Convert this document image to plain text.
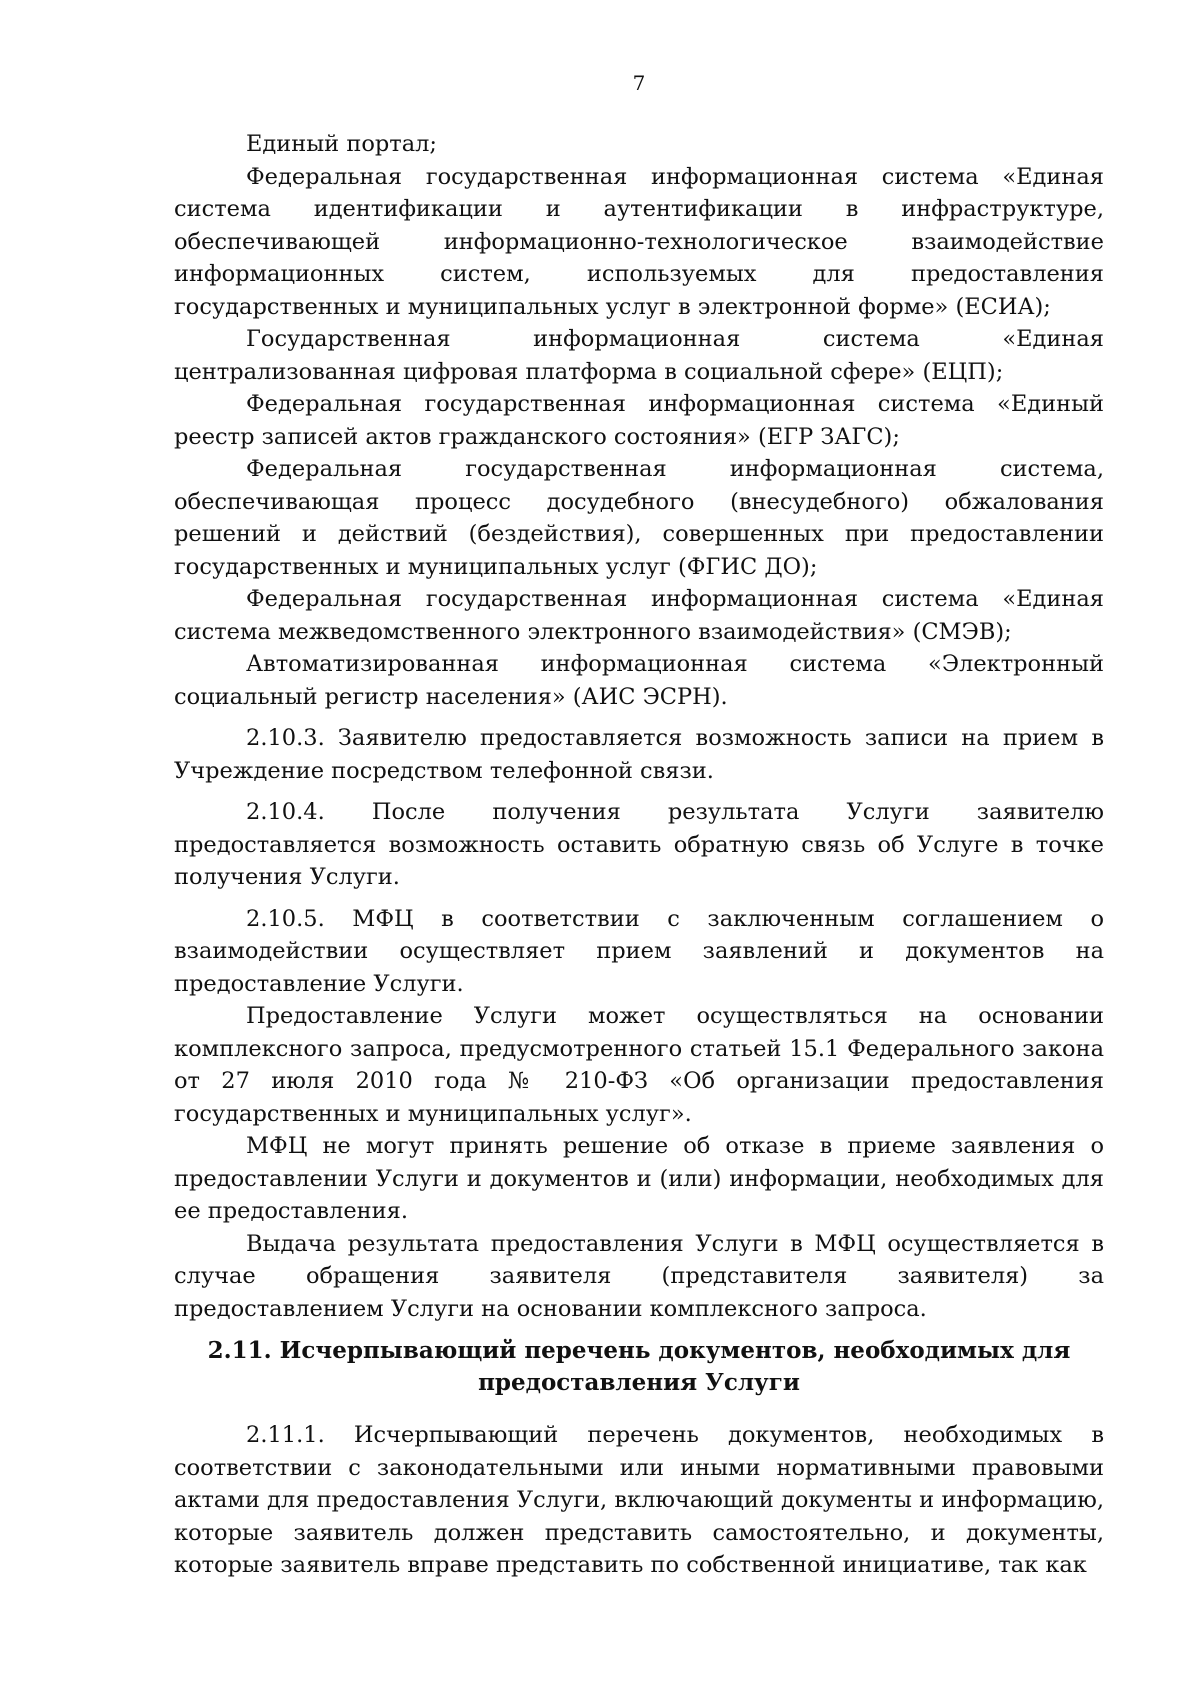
7

Единый портал;

Федеральная государственная информационная система «Единая система идентификации и аутентификации в инфраструктуре, обеспечивающей информационно-технологическое взаимодействие информационных систем, используемых для предоставления государственных и муниципальных услуг в электронной форме» (ЕСИА);

Государственная информационная система «Единая централизованная цифровая платформа в социальной сфере» (ЕЦП);

Федеральная государственная информационная система «Единый реестр записей актов гражданского состояния» (ЕГР ЗАГС);

Федеральная государственная информационная система, обеспечивающая процесс досудебного (внесудебного) обжалования решений и действий (бездействия), совершенных при предоставлении государственных и муниципальных услуг (ФГИС ДО);

Федеральная государственная информационная система «Единая система межведомственного электронного взаимодействия» (СМЭВ);

Автоматизированная информационная система «Электронный социальный регистр населения» (АИС ЭСРН).

2.10.3. Заявителю предоставляется возможность записи на прием в Учреждение посредством телефонной связи.

2.10.4. После получения результата Услуги заявителю предоставляется возможность оставить обратную связь об Услуге в точке получения Услуги.

2.10.5. МФЦ в соответствии с заключенным соглашением о взаимодействии осуществляет прием заявлений и документов на предоставление Услуги.

Предоставление Услуги может осуществляться на основании комплексного запроса, предусмотренного статьей 15.1 Федерального закона от 27 июля 2010 года № 210-ФЗ «Об организации предоставления государственных и муниципальных услуг».

МФЦ не могут принять решение об отказе в приеме заявления о предоставлении Услуги и документов и (или) информации, необходимых для ее предоставления.

Выдача результата предоставления Услуги в МФЦ осуществляется в случае обращения заявителя (представителя заявителя) за предоставлением Услуги на основании комплексного запроса.

2.11. Исчерпывающий перечень документов, необходимых для
предоставления Услуги

2.11.1. Исчерпывающий перечень документов, необходимых в соответствии с законодательными или иными нормативными правовыми актами для предоставления Услуги, включающий документы и информацию, которые заявитель должен представить самостоятельно, и документы, которые заявитель вправе представить по собственной инициативе, так как
